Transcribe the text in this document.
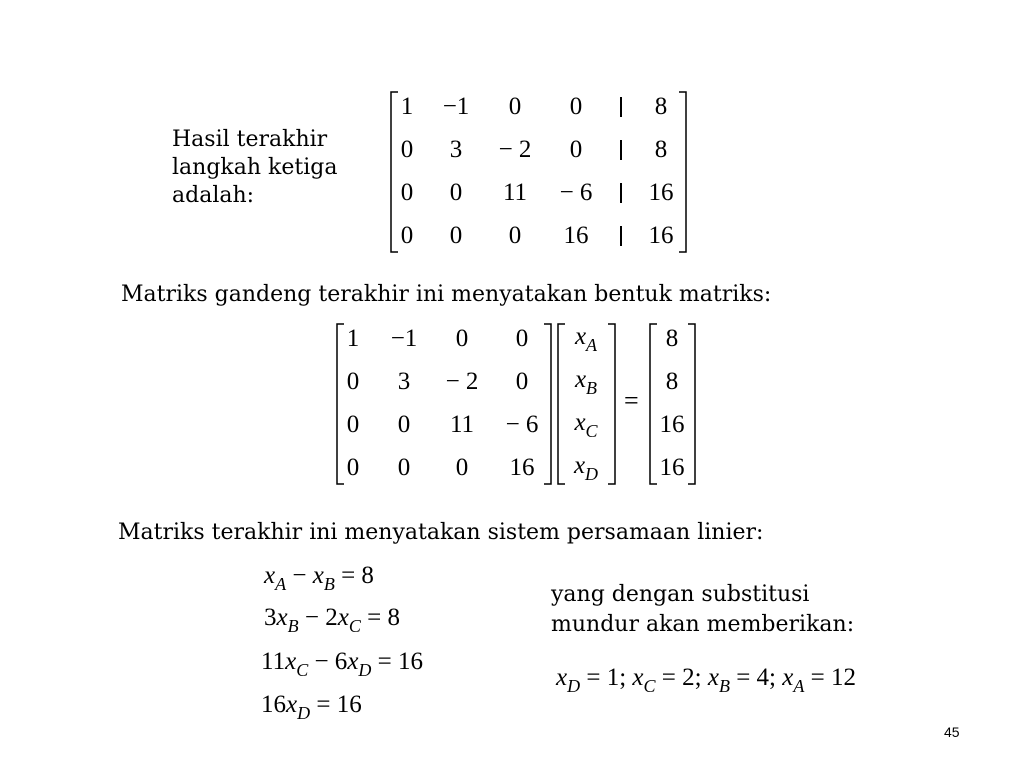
Hasil terakhir
langkah ketiga
adalah:
1 −1 0 0	8
0 3 − 2 0	8
0 0 11 − 6 16
0 0 0 16 16
Matriks gandeng terakhir ini menyatakan bentuk matriks:
=
1 −1 0 0
0 3 − 2 0
0 0 11 − 6
0 0 0 16
$x_A$
$x_B$
$x_C$
$x_D$
8
8
16
16
Matriks terakhir ini menyatakan sistem persamaan linier:
$x_A - x_B = 8$
$3x_B - 2x_C = 8$
$11x_C - 6x_D = 16$
$16x_D = 16$
yang dengan substitusi
mundur akan memberikan:
$x_D = 1$; $x_C = 2$; $x_B = 4$; $x_A = 12$
45
